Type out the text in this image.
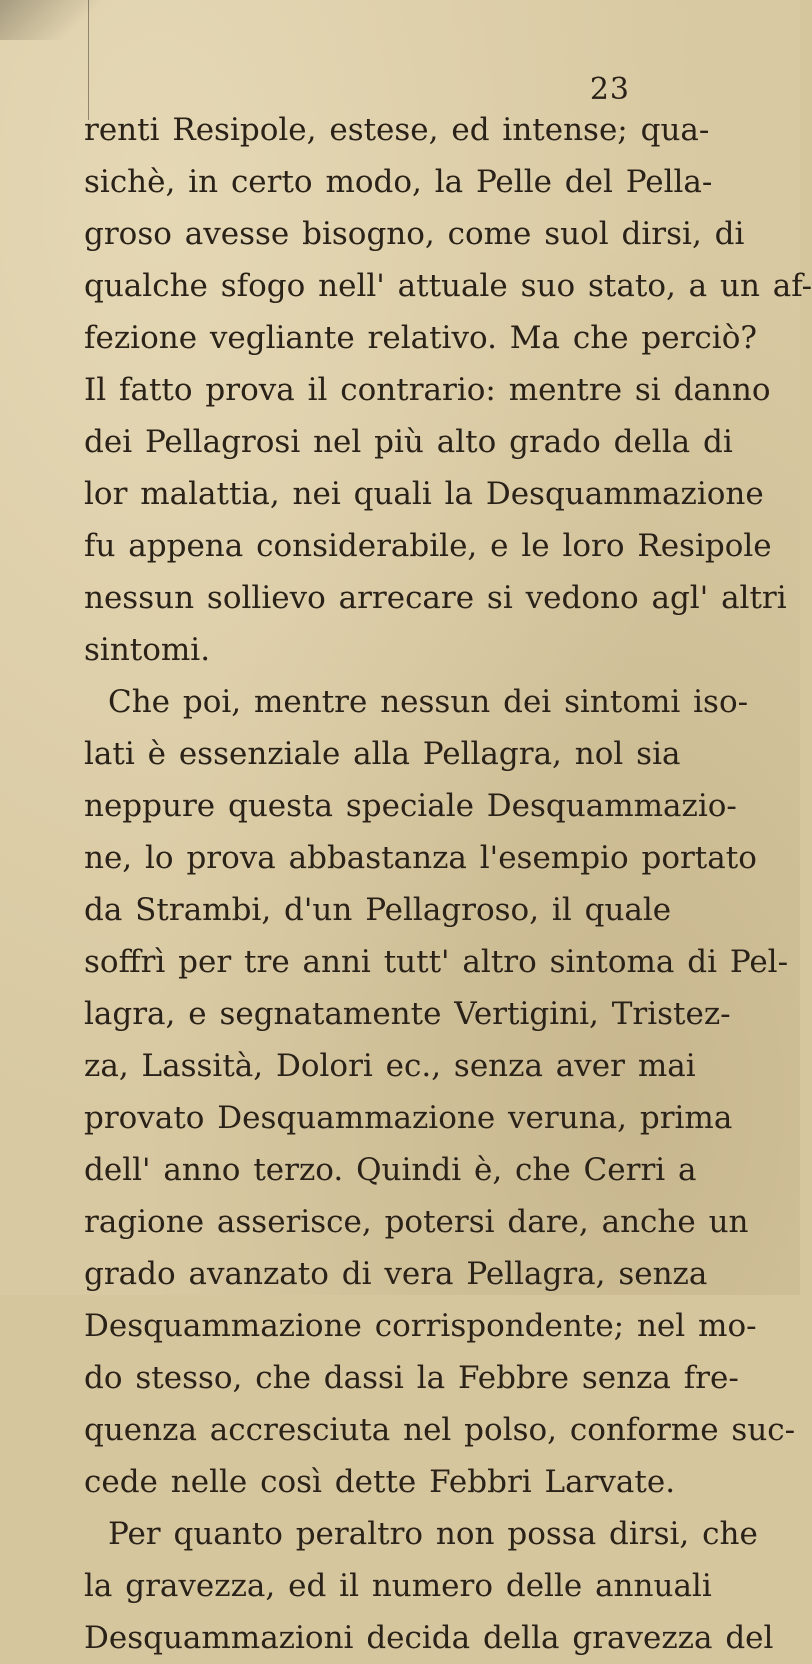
23
renti Resipole, estese, ed intense; qua-
sichè, in certo modo, la Pelle del Pella-
groso avesse bisogno, come suol dirsi, di
qualche sfogo nell' attuale suo stato, a un af-
fezione vegliante relativo. Ma che perciò?
Il fatto prova il contrario: mentre si danno
dei Pellagrosi nel più alto grado della di
lor malattia, nei quali la Desquammazione
fu appena considerabile, e le loro Resipole
nessun sollievo arrecare si vedono agl' altri
sintomi.
Che poi, mentre nessun dei sintomi iso-
lati è essenziale alla Pellagra, nol sia
neppure questa speciale Desquammazio-
ne, lo prova abbastanza l'esempio portato
da Strambi, d'un Pellagroso, il quale
soffrì per tre anni tutt' altro sintoma di Pel-
lagra, e segnatamente Vertigini, Tristez-
za, Lassità, Dolori ec., senza aver mai
provato Desquammazione veruna, prima
dell' anno terzo. Quindi è, che Cerri a
ragione asserisce, potersi dare, anche un
grado avanzato di vera Pellagra, senza
Desquammazione corrispondente; nel mo-
do stesso, che dassi la Febbre senza fre-
quenza accresciuta nel polso, conforme suc-
cede nelle così dette Febbri Larvate.
Per quanto peraltro non possa dirsi, che
la gravezza, ed il numero delle annuali
Desquammazioni decida della gravezza del
